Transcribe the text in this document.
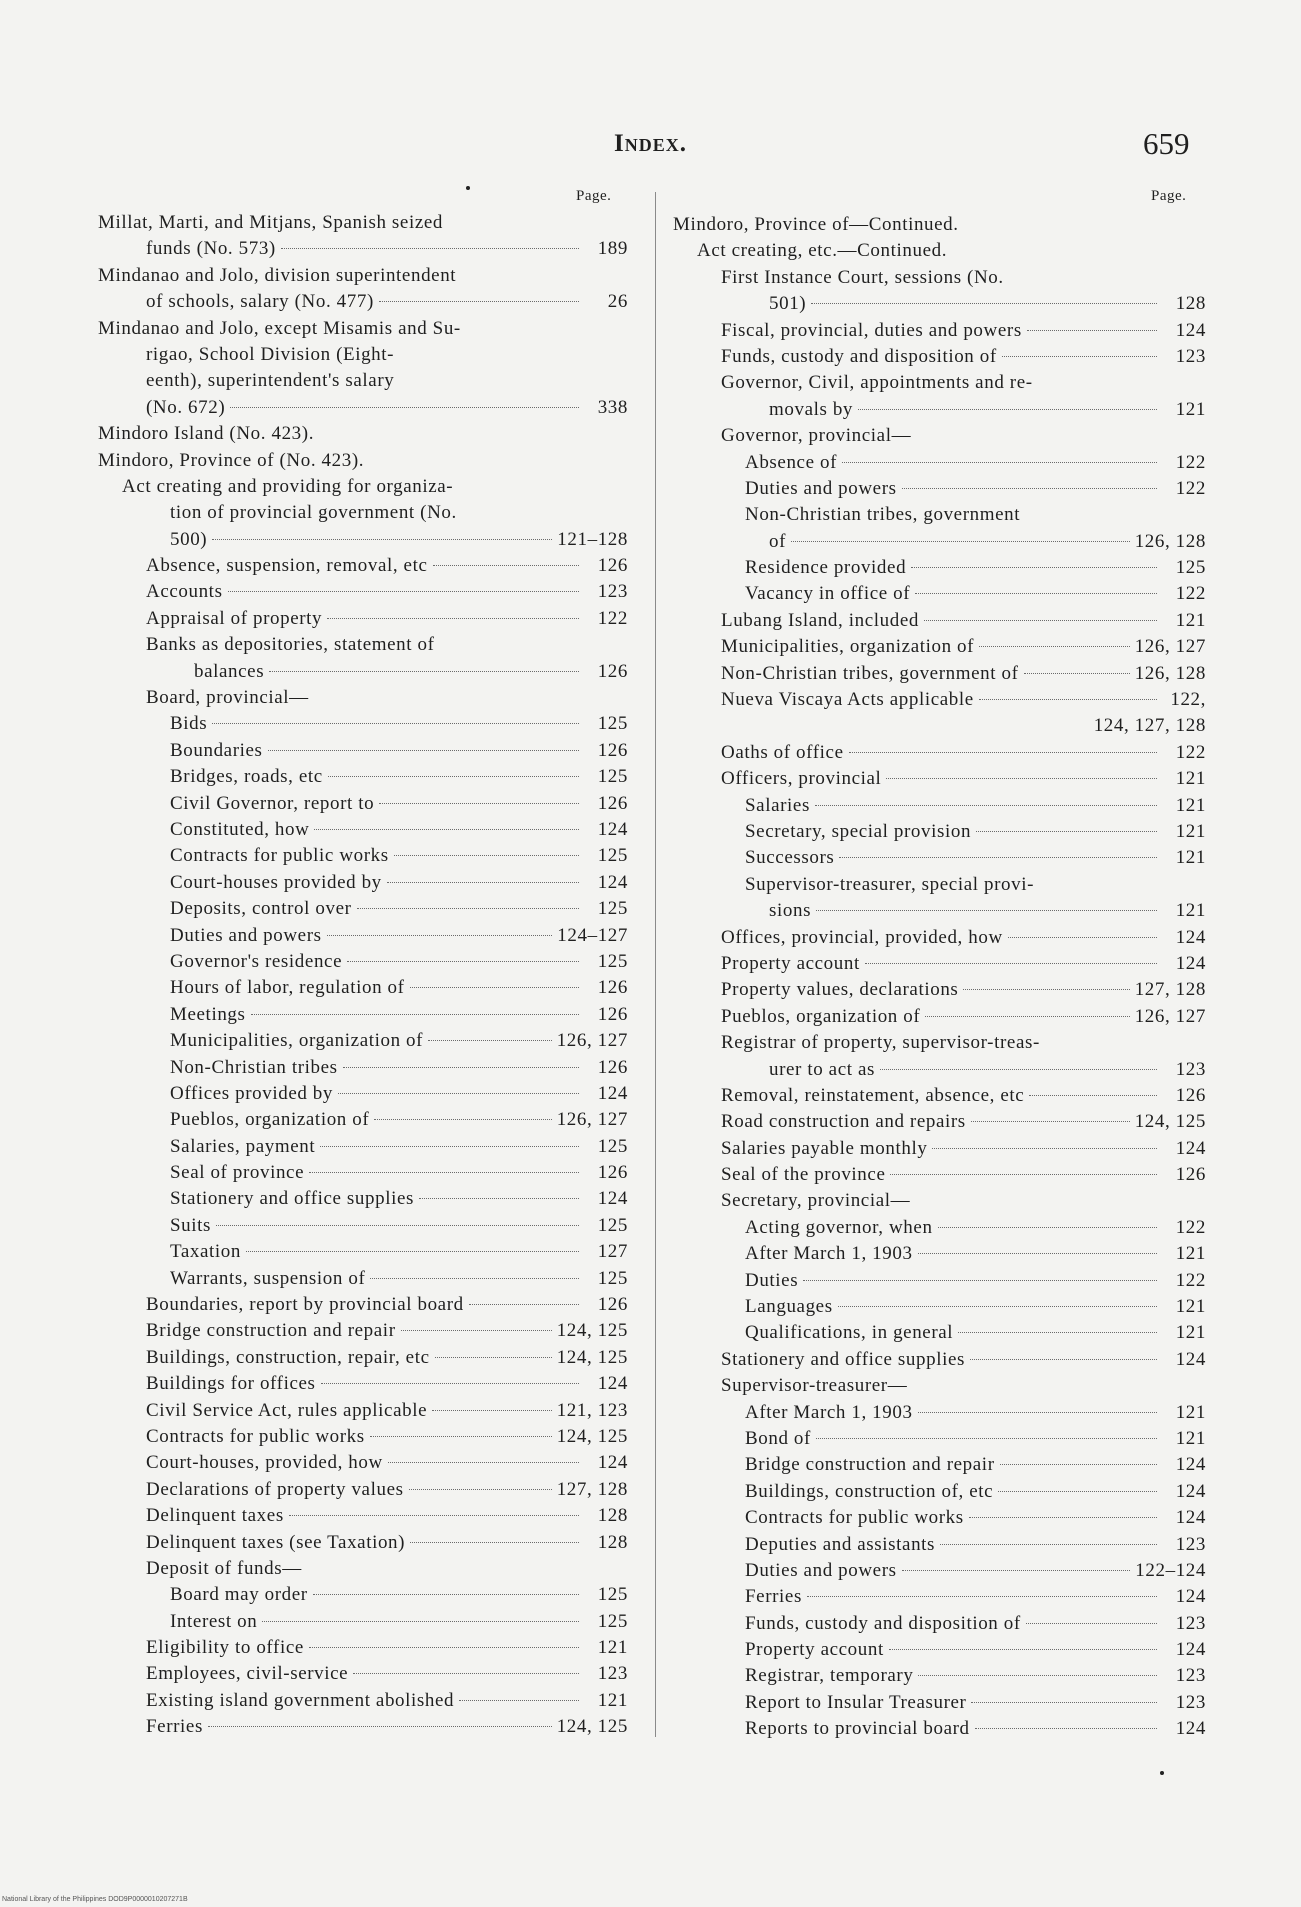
Index.	659
Page.
Millat, Marti, and Mitjans, Spanish seized
funds (No. 573)	189
Mindanao and Jolo, division superintendent
of schools, salary (No. 477)	26
Mindanao and Jolo, except Misamis and Su-
rigao, School Division (Eight-
eenth), superintendent's salary
(No. 672)	338
Mindoro Island (No. 423).
Mindoro, Province of (No. 423).
Act creating and providing for organiza-
tion of provincial government (No.
500)	121–128
Absence, suspension, removal, etc	126
Accounts	123
Appraisal of property	122
Banks as depositories, statement of
balances	126
Board, provincial—
Bids	125
Boundaries	126
Bridges, roads, etc	125
Civil Governor, report to	126
Constituted, how	124
Contracts for public works	125
Court-houses provided by	124
Deposits, control over	125
Duties and powers	124–127
Governor's residence	125
Hours of labor, regulation of	126
Meetings	126
Municipalities, organization of	126, 127
Non-Christian tribes	126
Offices provided by	124
Pueblos, organization of	126, 127
Salaries, payment	125
Seal of province	126
Stationery and office supplies	124
Suits	125
Taxation	127
Warrants, suspension of	125
Boundaries, report by provincial board	126
Bridge construction and repair	124, 125
Buildings, construction, repair, etc	124, 125
Buildings for offices	124
Civil Service Act, rules applicable	121, 123
Contracts for public works	124, 125
Court-houses, provided, how	124
Declarations of property values	127, 128
Delinquent taxes	128
Delinquent taxes (see Taxation)	128
Deposit of funds—
Board may order	125
Interest on	125
Eligibility to office	121
Employees, civil-service	123
Existing island government abolished	121
Ferries	124, 125
Page.
Mindoro, Province of—Continued.
Act creating, etc.—Continued.
First Instance Court, sessions (No.
501)	128
Fiscal, provincial, duties and powers	124
Funds, custody and disposition of	123
Governor, Civil, appointments and re-
movals by	121
Governor, provincial—
Absence of	122
Duties and powers	122
Non-Christian tribes, government
of	126, 128
Residence provided	125
Vacancy in office of	122
Lubang Island, included	121
Municipalities, organization of	126, 127
Non-Christian tribes, government of	126, 128
Nueva Viscaya Acts applicable	122,
124, 127, 128
Oaths of office	122
Officers, provincial	121
Salaries	121
Secretary, special provision	121
Successors	121
Supervisor-treasurer, special provi-
sions	121
Offices, provincial, provided, how	124
Property account	124
Property values, declarations	127, 128
Pueblos, organization of	126, 127
Registrar of property, supervisor-treas-
urer to act as	123
Removal, reinstatement, absence, etc	126
Road construction and repairs	124, 125
Salaries payable monthly	124
Seal of the province	126
Secretary, provincial—
Acting governor, when	122
After March 1, 1903	121
Duties	122
Languages	121
Qualifications, in general	121
Stationery and office supplies	124
Supervisor-treasurer—
After March 1, 1903	121
Bond of	121
Bridge construction and repair	124
Buildings, construction of, etc	124
Contracts for public works	124
Deputies and assistants	123
Duties and powers	122–124
Ferries	124
Funds, custody and disposition of	123
Property account	124
Registrar, temporary	123
Report to Insular Treasurer	123
Reports to provincial board	124
National Library of the Philippines DOD9P0000010207271B
